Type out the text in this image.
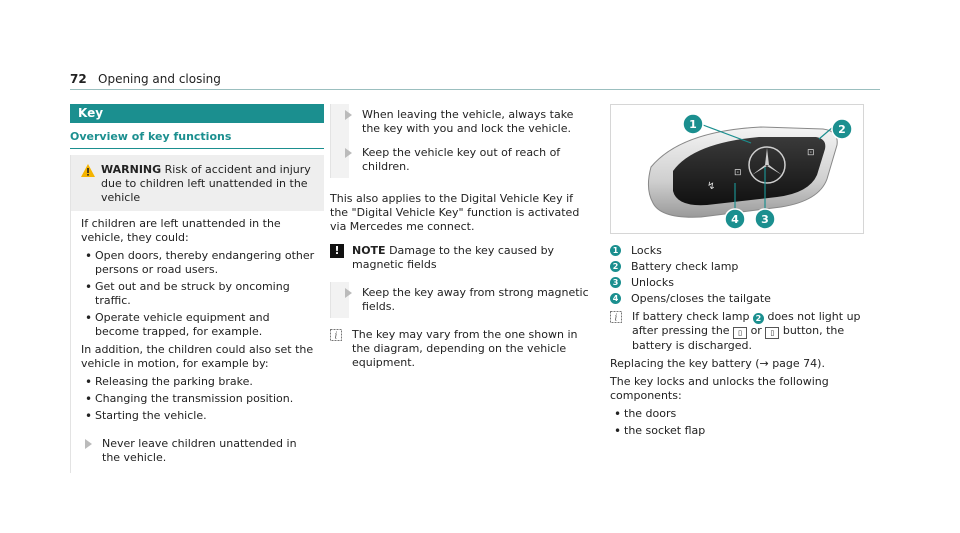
72 Opening and closing
Key
Overview of key functions
WARNING Risk of accident and injury due to children left unattended in the vehicle

If children are left unattended in the vehicle, they could:

• Open doors, thereby endangering other persons or road users.
• Get out and be struck by oncoming traffic.
• Operate vehicle equipment and become trapped, for example.

In addition, the children could also set the vehicle in motion, for example by:

• Releasing the parking brake.
• Changing the transmission position.
• Starting the vehicle.
Never leave children unattended in the vehicle.
When leaving the vehicle, always take the key with you and lock the vehicle.
Keep the vehicle key out of reach of children.

This also applies to the Digital Vehicle Key if the "Digital Vehicle Key" function is activated via Mercedes me connect.

!	NOTE Damage to the key caused by magnetic fields
Keep the key away from strong magnetic fields.
i The key may vary from the one shown in the diagram, depending on the vehicle equipment.
⊡
⊡
↯
1	2
3
4
1 Locks
2 Battery check lamp
3 Unlocks
4 Opens/closes the tailgate
i If battery check lamp 2 does not light up after pressing the ▯ or ▯ button, the battery is discharged.

Replacing the key battery (→ page 74).

The key locks and unlocks the following components:

• the doors
• the socket flap
